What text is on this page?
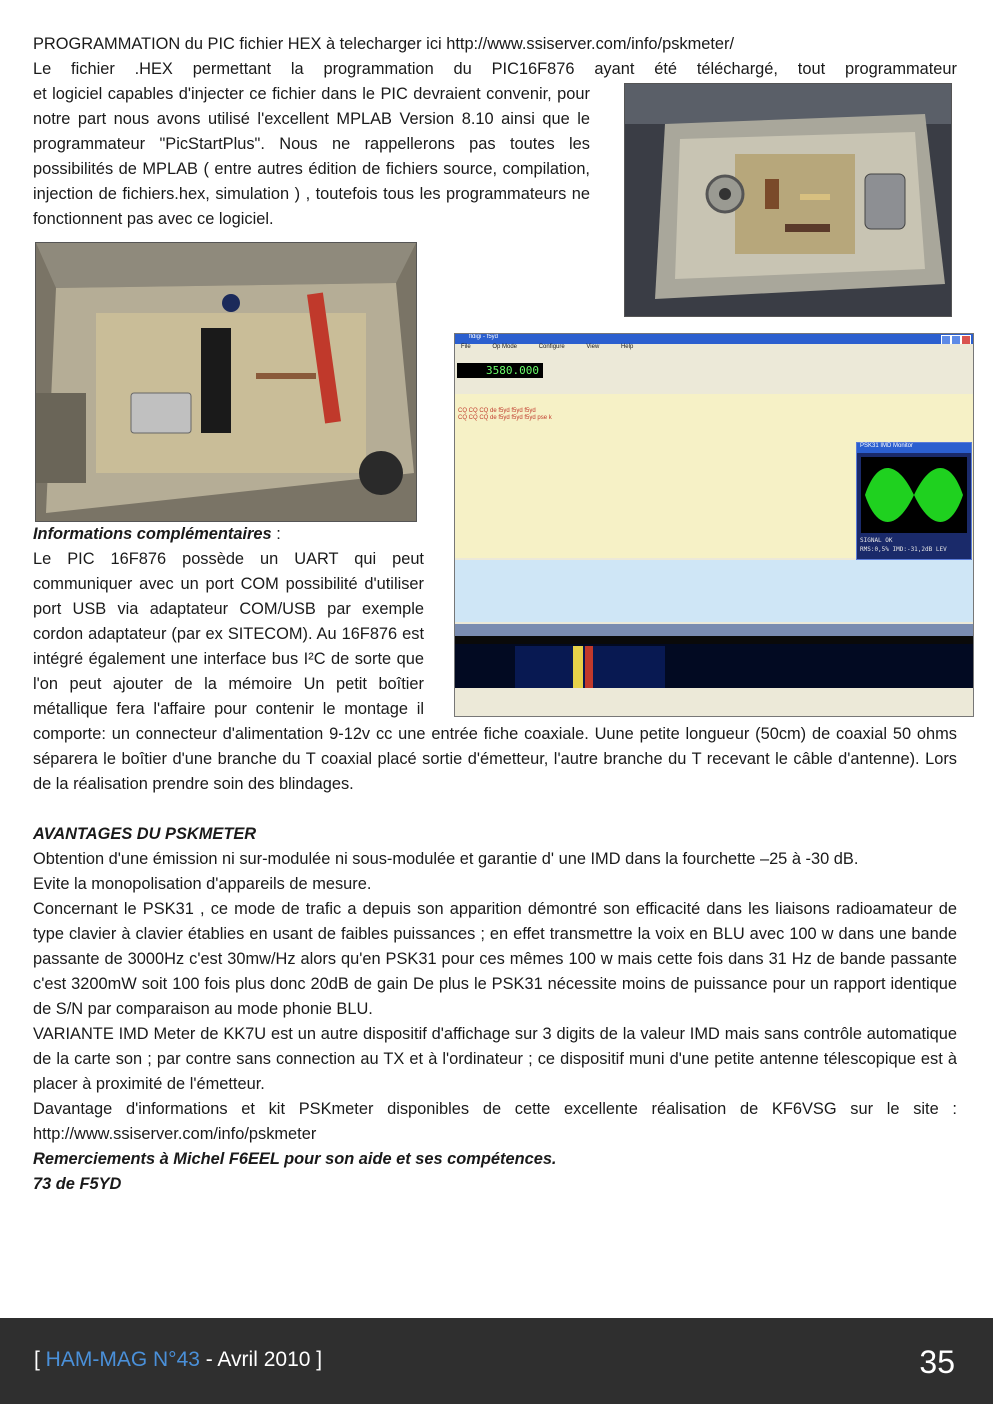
PROGRAMMATION du PIC fichier HEX à telecharger ici http://www.ssiserver.com/info/pskmeter/

Le fichier .HEX permettant la programmation du PIC16F876 ayant été téléchargé, tout programmateur

et logiciel capables d'injecter ce fichier dans le PIC devraient convenir, pour notre part nous avons utilisé l'excellent MPLAB Version 8.10 ainsi que le programmateur "PicStartPlus". Nous ne rappellerons pas toutes les possibilités de MPLAB ( entre autres édition de fichiers source, compilation, injection de fichiers.hex, simulation ) , toutefois tous les programmateurs ne fonctionnent pas avec ce logiciel.

fldigi - f5yd
File	Op Mode	Configure	View	Help
3580.000
CQ CQ CQ de f5yd f5yd f5yd
CQ CQ CQ de f5yd f5yd f5yd pse k
PSK31 IMD Monitor
SIGNAL OK
RMS:0,5% IMD:-31,2dB LEV

Informations complémentaires :
Le PIC 16F876 possède un UART qui peut communiquer avec un port COM possibilité d'utiliser port USB via adaptateur COM/USB par exemple cordon adaptateur (par ex SITECOM). Au 16F876 est intégré également une interface bus I²C de sorte que l'on peut ajouter de la mémoire Un petit boîtier métallique fera l'affaire pour contenir le montage il comporte: un connecteur d'alimentation 9-12v cc une entrée fiche coaxiale. Uune petite longueur (50cm) de coaxial 50 ohms séparera le boîtier d'une branche du T coaxial placé sortie d'émetteur, l'autre branche du T recevant le câble d'antenne). Lors de la réalisation prendre soin des blindages.

AVANTAGES DU PSKMETER

Obtention d'une émission ni sur-modulée ni sous-modulée et garantie d' une IMD dans la fourchette –25 à -30 dB.

Evite la monopolisation d'appareils de mesure.

Concernant le PSK31 , ce mode de trafic a depuis son apparition démontré son efficacité dans les liaisons radioamateur de type clavier à clavier établies en usant de faibles puissances ; en effet transmettre la voix en BLU avec 100 w dans une bande passante de 3000Hz c'est 30mw/Hz alors qu'en PSK31 pour ces mêmes 100 w mais cette fois dans 31 Hz de bande passante c'est 3200mW soit 100 fois plus donc 20dB de gain De plus le PSK31 nécessite moins de puissance pour un rapport identique de S/N par comparaison au mode phonie BLU.

VARIANTE IMD Meter de KK7U est un autre dispositif d'affichage sur 3 digits de la valeur IMD mais sans contrôle automatique de la carte son ; par contre sans connection au TX et à l'ordinateur ; ce dispositif muni d'une petite antenne télescopique est à placer à proximité de l'émetteur.

Davantage d'informations et kit PSKmeter disponibles de cette excellente réalisation de KF6VSG sur le site : http://www.ssiserver.com/info/pskmeter

Remerciements à Michel F6EEL pour son aide et ses compétences.

73 de F5YD

[ HAM-MAG N°43 - Avril 2010 ]	35
